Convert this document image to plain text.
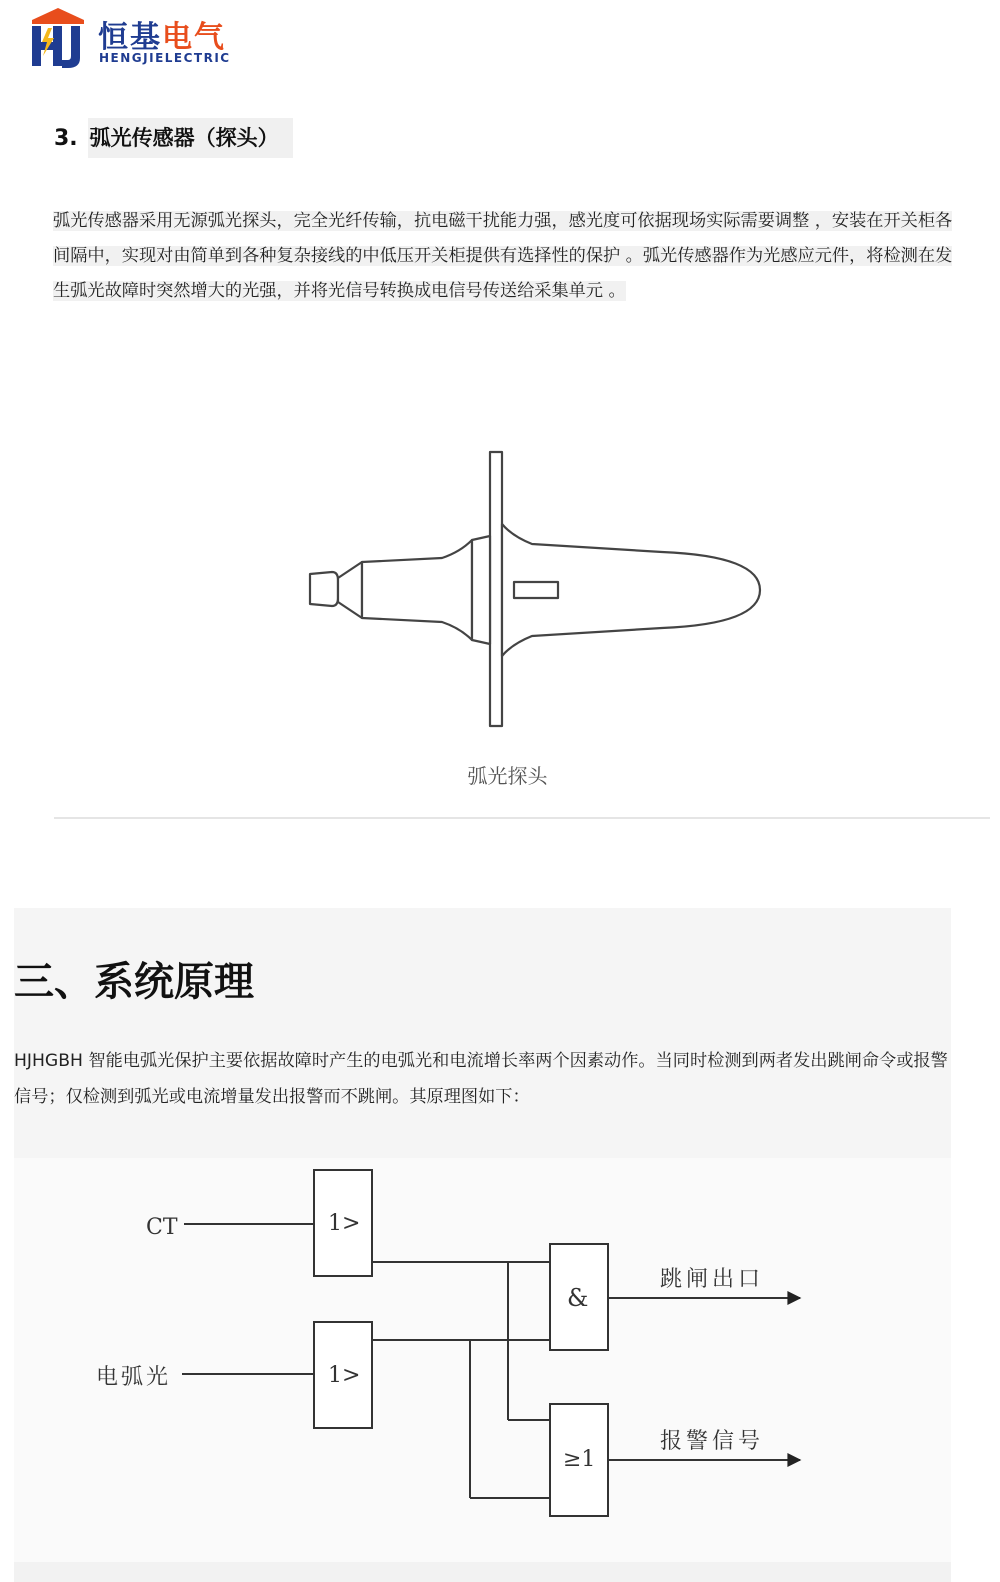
恒基电气
HENGJIELECTRIC
3. 弧光传感器（探头）
弧光传感器采用无源弧光探头，完全光纤传输，抗电磁干扰能力强，感光度可依据现场实际需要调整 ，安装在开关柜各间隔中，实现对由简单到各种复杂接线的中低压开关柜提供有选择性的保护 。弧光传感器作为光感应元件，将检测在发生弧光故障时突然增大的光强，并将光信号转换成电信号传送给采集单元 。
弧光探头
三、系统原理
HJHGBH 智能电弧光保护主要依据故障时产生的电弧光和电流增长率两个因素动作。当同时检测到两者发出跳闸命令或报警信号；仅检测到弧光或电流增量发出报警而不跳闸。其原理图如下：
CT
电弧光
1>
1>
&
≥1
跳闸出口
报警信号
